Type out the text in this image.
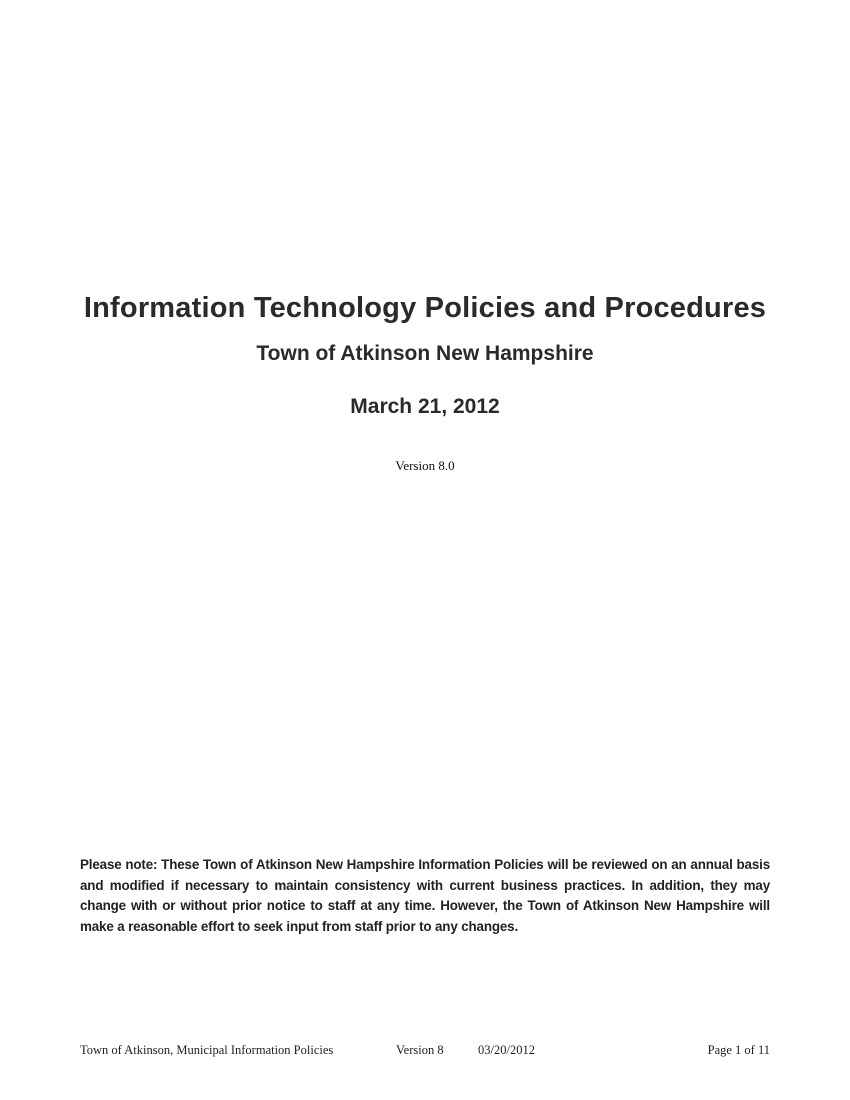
Information Technology Policies and Procedures
Town of Atkinson New Hampshire
March 21, 2012
Version 8.0
Please note: These Town of Atkinson New Hampshire Information Policies will be reviewed on an annual basis and modified if necessary to maintain consistency with current business practices. In addition, they may change with or without prior notice to staff at any time. However, the Town of Atkinson New Hampshire will make a reasonable effort to seek input from staff prior to any changes.
Town of Atkinson, Municipal Information Policies	Version 8	03/20/2012	Page 1 of 11
